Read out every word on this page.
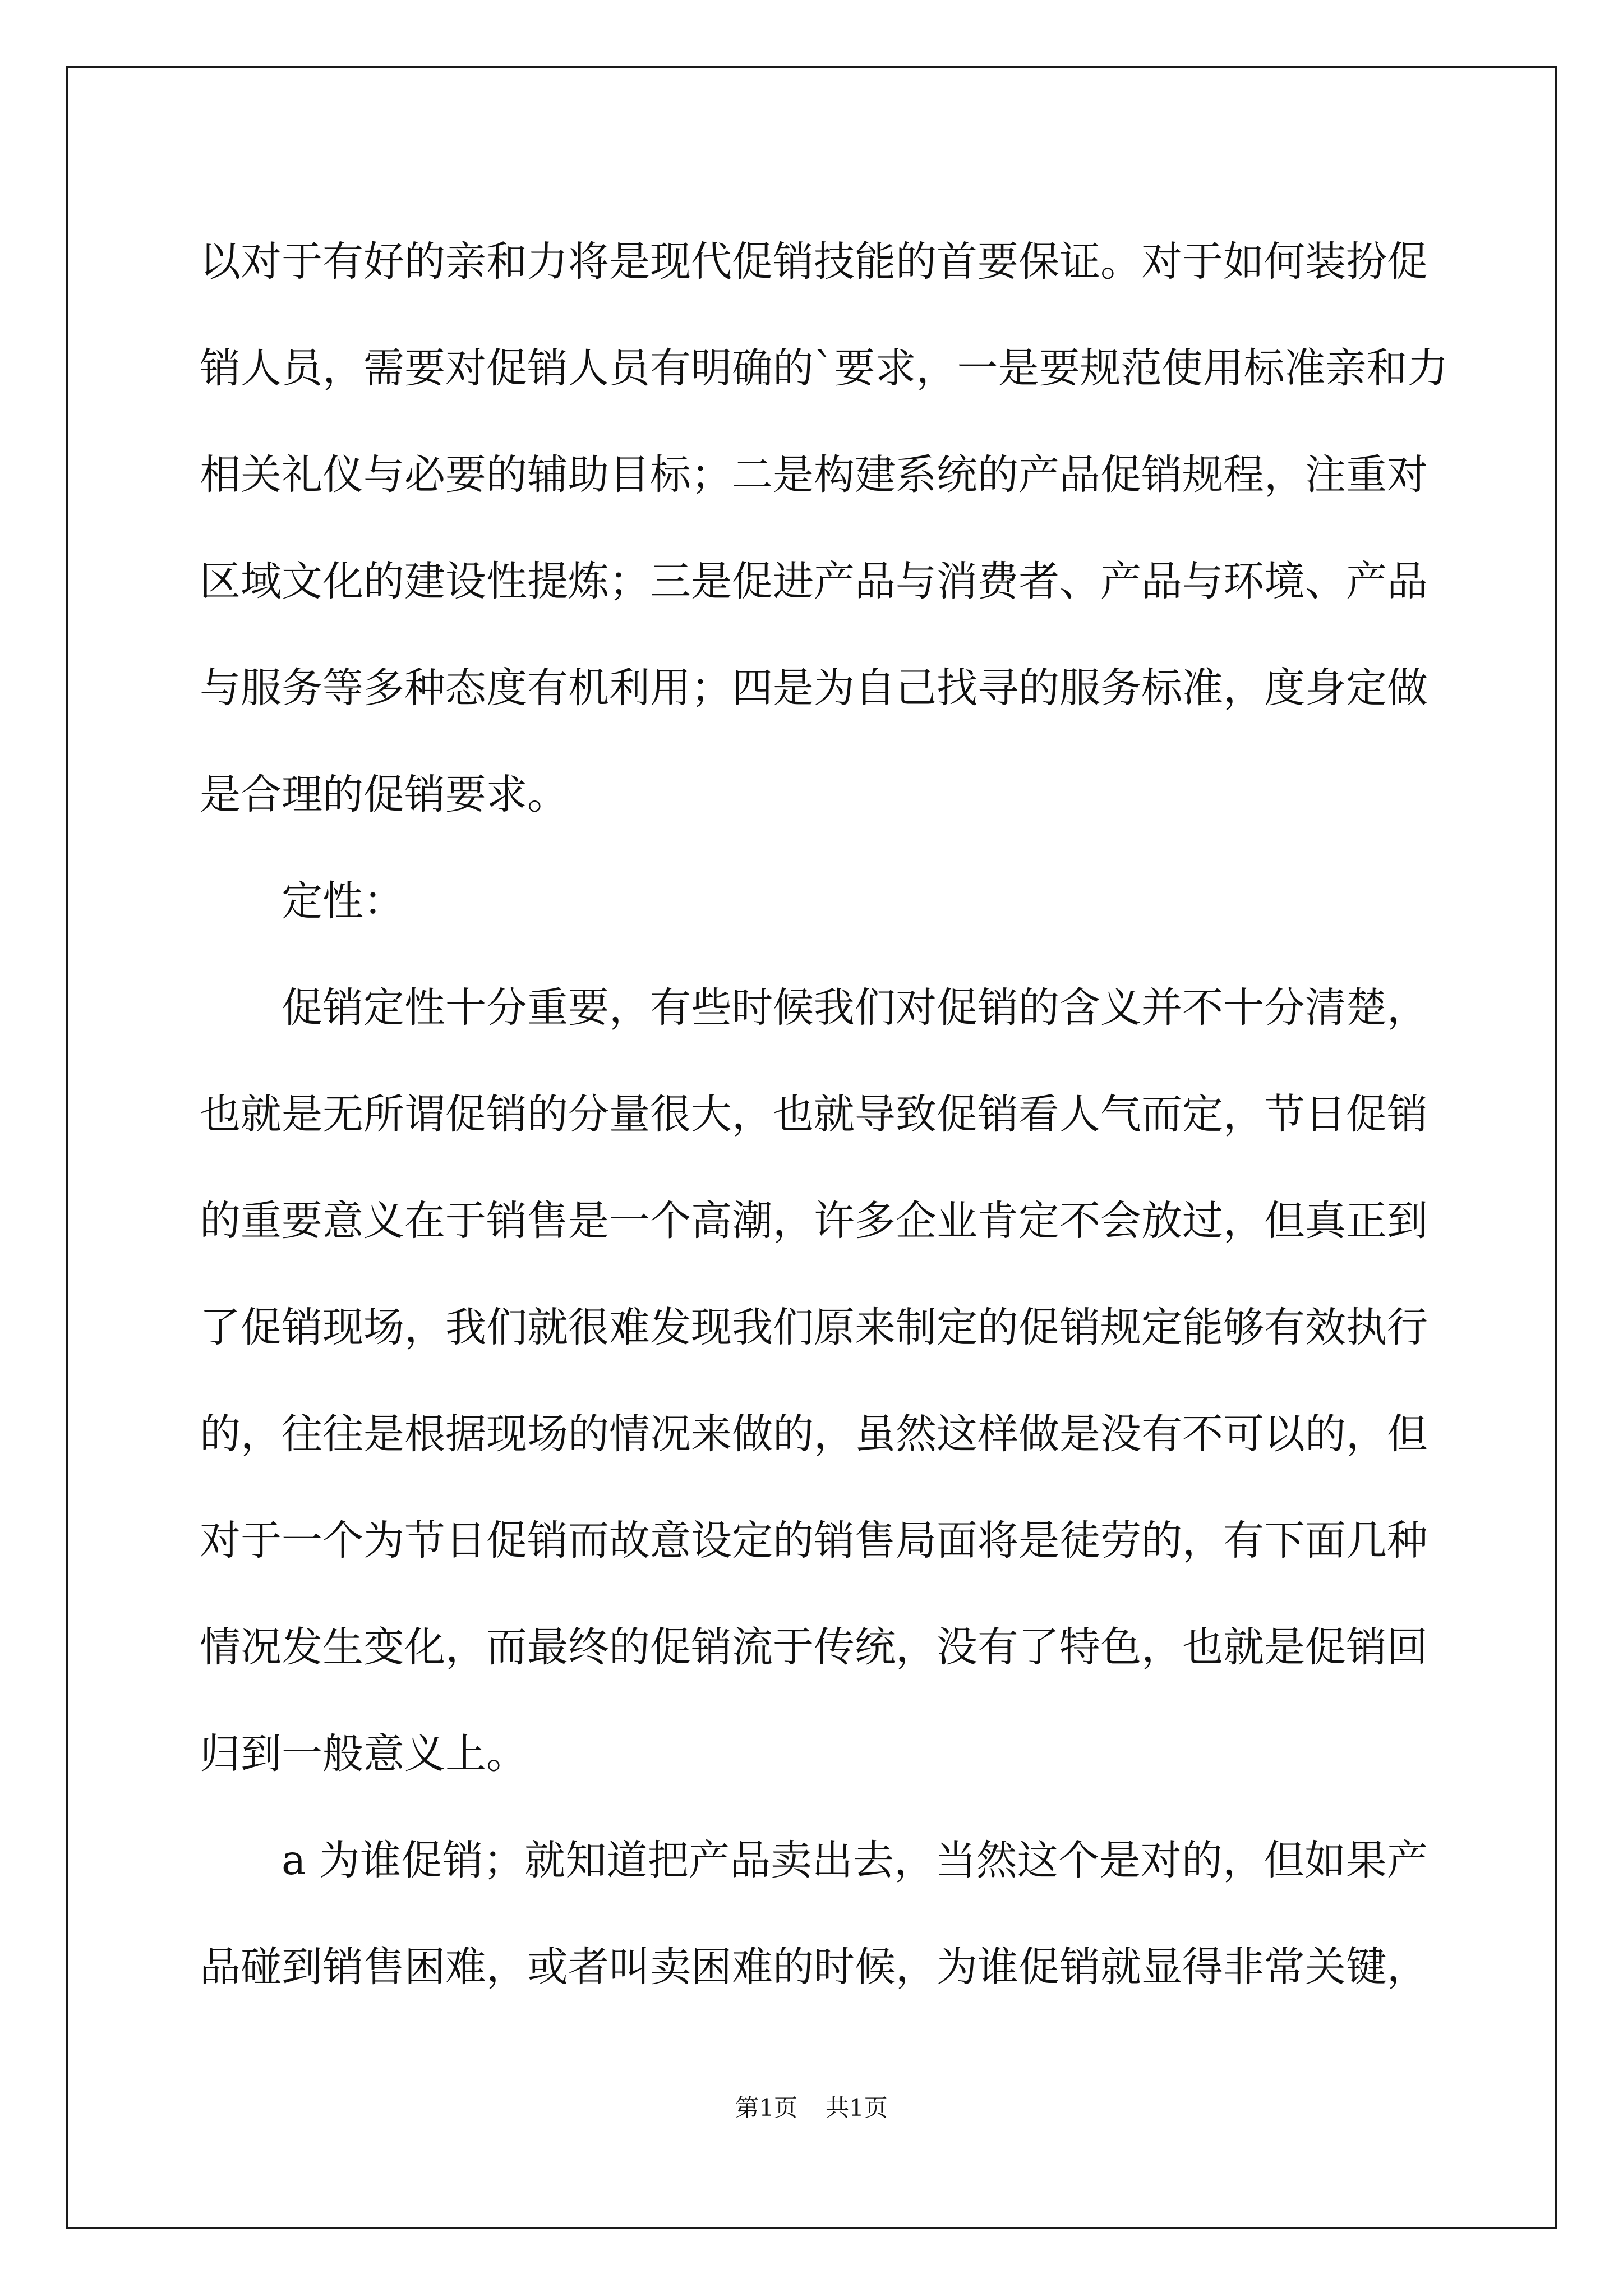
以对于有好的亲和力将是现代促销技能的首要保证。对于如何装扮促
销人员，需要对促销人员有明确的`要求，一是要规范使用标准亲和力
相关礼仪与必要的辅助目标；二是构建系统的产品促销规程，注重对
区域文化的建设性提炼；三是促进产品与消费者、产品与环境、产品
与服务等多种态度有机利用；四是为自己找寻的服务标准，度身定做
是合理的促销要求。
定性：
促销定性十分重要，有些时候我们对促销的含义并不十分清楚，
也就是无所谓促销的分量很大，也就导致促销看人气而定，节日促销
的重要意义在于销售是一个高潮，许多企业肯定不会放过，但真正到
了促销现场，我们就很难发现我们原来制定的促销规定能够有效执行
的，往往是根据现场的情况来做的，虽然这样做是没有不可以的，但
对于一个为节日促销而故意设定的销售局面将是徒劳的，有下面几种
情况发生变化，而最终的促销流于传统，没有了特色，也就是促销回
归到一般意义上。
a 为谁促销；就知道把产品卖出去，当然这个是对的，但如果产
品碰到销售困难，或者叫卖困难的时候，为谁促销就显得非常关键，
第1页 共1页
